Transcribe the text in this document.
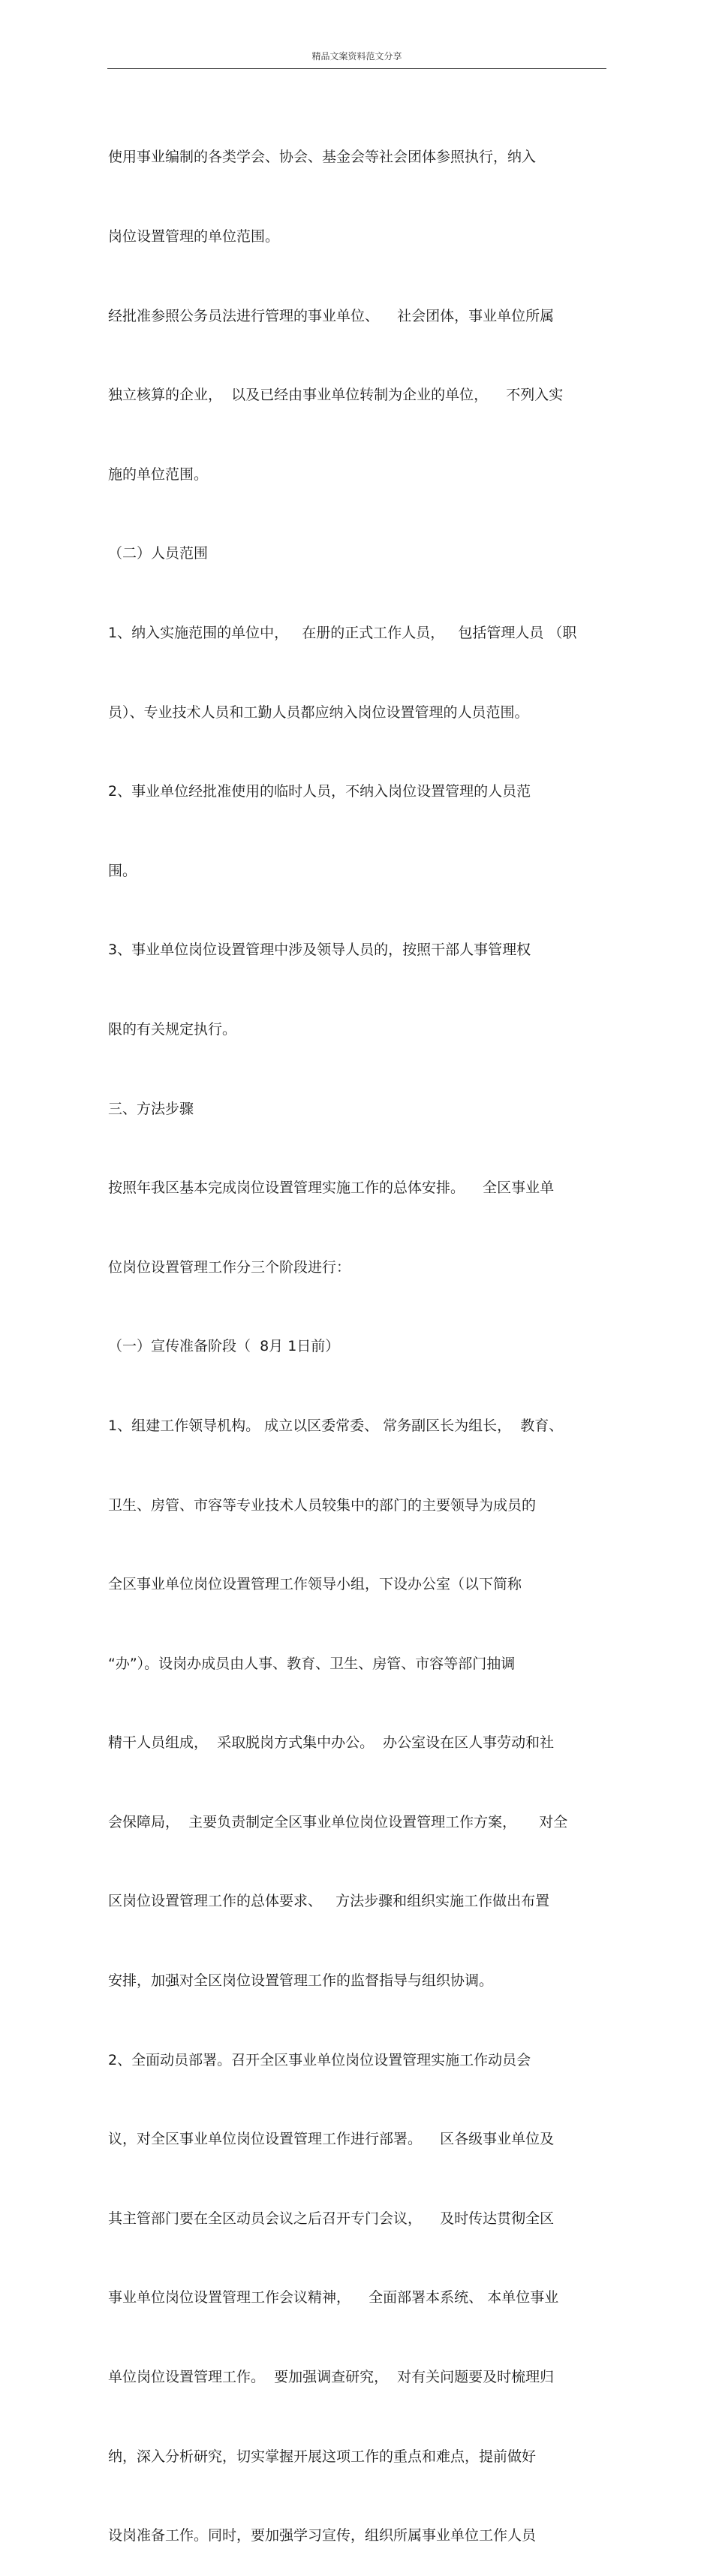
精品文案资料范文分享

使用事业编制的各类学会、协会、基金会等社会团体参照执行，纳入

岗位设置管理的单位范围。

经批准参照公务员法进行管理的事业单位、    社会团体，事业单位所属

独立核算的企业，  以及已经由事业单位转制为企业的单位，    不列入实

施的单位范围。

（二）人员范围

1、纳入实施范围的单位中，   在册的正式工作人员，   包括管理人员 （职

员）、专业技术人员和工勤人员都应纳入岗位设置管理的人员范围。

2、事业单位经批准使用的临时人员，不纳入岗位设置管理的人员范

围。

3、事业单位岗位设置管理中涉及领导人员的，按照干部人事管理权

限的有关规定执行。

三、方法步骤

按照年我区基本完成岗位设置管理实施工作的总体安排。    全区事业单

位岗位设置管理工作分三个阶段进行：

（一）宣传准备阶段（  8月 1日前）

1、组建工作领导机构。 成立以区委常委、 常务副区长为组长，  教育、

卫生、房管、市容等专业技术人员较集中的部门的主要领导为成员的

全区事业单位岗位设置管理工作领导小组，下设办公室（以下简称

“办”）。设岗办成员由人事、教育、卫生、房管、市容等部门抽调

精干人员组成，  采取脱岗方式集中办公。  办公室设在区人事劳动和社

会保障局，  主要负责制定全区事业单位岗位设置管理工作方案，     对全

区岗位设置管理工作的总体要求、   方法步骤和组织实施工作做出布置

安排，加强对全区岗位设置管理工作的监督指导与组织协调。

2、全面动员部署。召开全区事业单位岗位设置管理实施工作动员会

议，对全区事业单位岗位设置管理工作进行部署。    区各级事业单位及

其主管部门要在全区动员会议之后召开专门会议，    及时传达贯彻全区

事业单位岗位设置管理工作会议精神，    全面部署本系统、 本单位事业

单位岗位设置管理工作。  要加强调查研究，  对有关问题要及时梳理归

纳，深入分析研究，切实掌握开展这项工作的重点和难点，提前做好

设岗准备工作。同时，要加强学习宣传，组织所属事业单位工作人员
